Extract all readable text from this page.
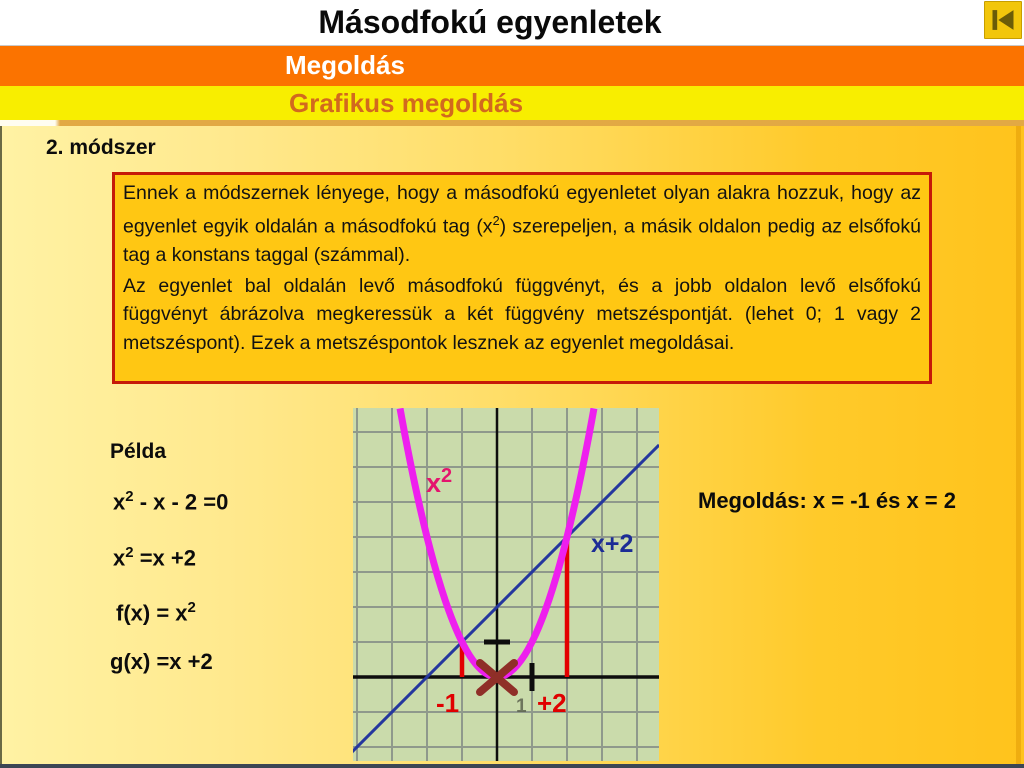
Másodfokú egyenletek
Megoldás
Grafikus megoldás
2. módszer

Ennek a módszernek lényege, hogy a másodfokú egyenletet olyan alakra hozzuk, hogy az egyenlet egyik oldalán a másodfokú tag $(x^2)$ szerepeljen, a másik oldalon pedig az elsőfokú tag a konstans taggal (számmal).

Az egyenlet bal oldalán levő másodfokú függvényt, és a jobb oldalon levő elsőfokú függvényt ábrázolva megkeressük a két függvény metszéspontját. (lehet 0; 1 vagy 2 metszéspont). Ezek a metszéspontok lesznek az egyenlet megoldásai.

Példa
$x^2 - x - 2 =0$
$x^2 =x +2$
$f(x) = x^2$
g(x) =x +2
Megoldás: x = -1 és x = 2
$x^2$
x+2
-1	+2
1
